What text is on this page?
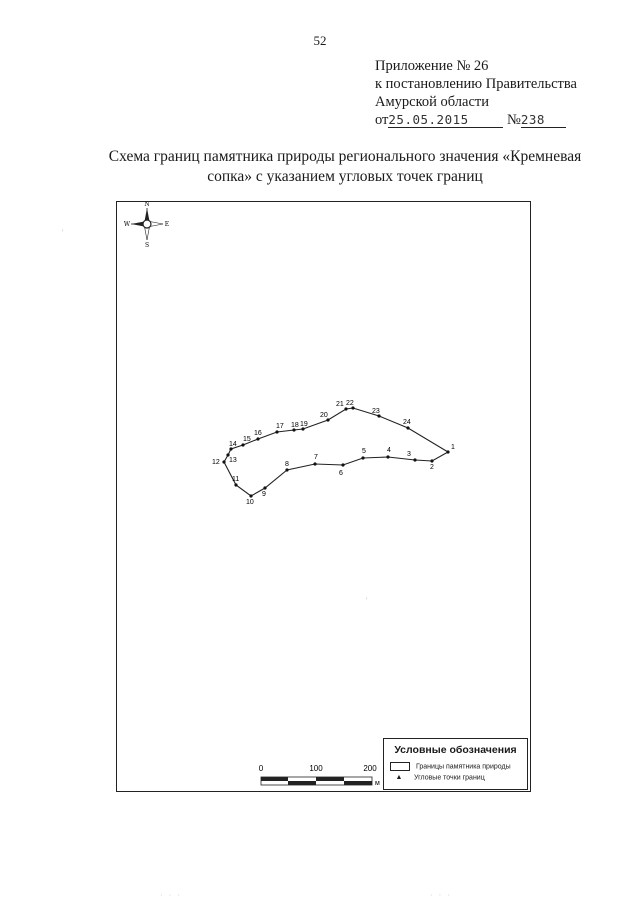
52
Приложение № 26
к постановлению Правительства
Амурской области
от25.05.2015	№238
Схема границ памятника природы регионального значения «Кремневая
сопка» с указанием угловых точек границ
'
'
N
S
W	E
1
2
3
4
5
6
7
8
9
10
11
12 13
14
15
16
17 18 19
20
21 22
23
24
0	100	200
м
Условные обозначения
Границы памятника природы
▲ Угловые точки границ
· · ·	· · ·
